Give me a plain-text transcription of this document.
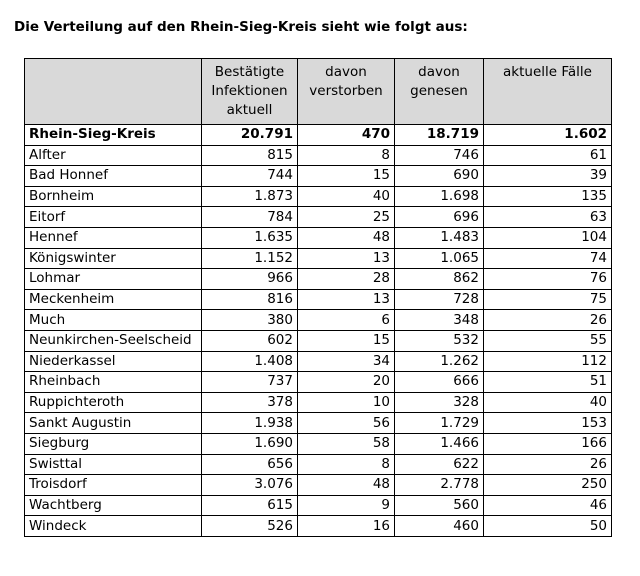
Die Verteilung auf den Rhein-Sieg-Kreis sieht wie folgt aus:
	Bestätigte Infektionen aktuell	davon verstorben	davon genesen	aktuelle Fälle
Rhein-Sieg-Kreis	20.791	470	18.719	1.602
Alfter	815	8	746	61
Bad Honnef	744	15	690	39
Bornheim	1.873	40	1.698	135
Eitorf	784	25	696	63
Hennef	1.635	48	1.483	104
Königswinter	1.152	13	1.065	74
Lohmar	966	28	862	76
Meckenheim	816	13	728	75
Much	380	6	348	26
Neunkirchen-Seelscheid	602	15	532	55
Niederkassel	1.408	34	1.262	112
Rheinbach	737	20	666	51
Ruppichteroth	378	10	328	40
Sankt Augustin	1.938	56	1.729	153
Siegburg	1.690	58	1.466	166
Swisttal	656	8	622	26
Troisdorf	3.076	48	2.778	250
Wachtberg	615	9	560	46
Windeck	526	16	460	50
